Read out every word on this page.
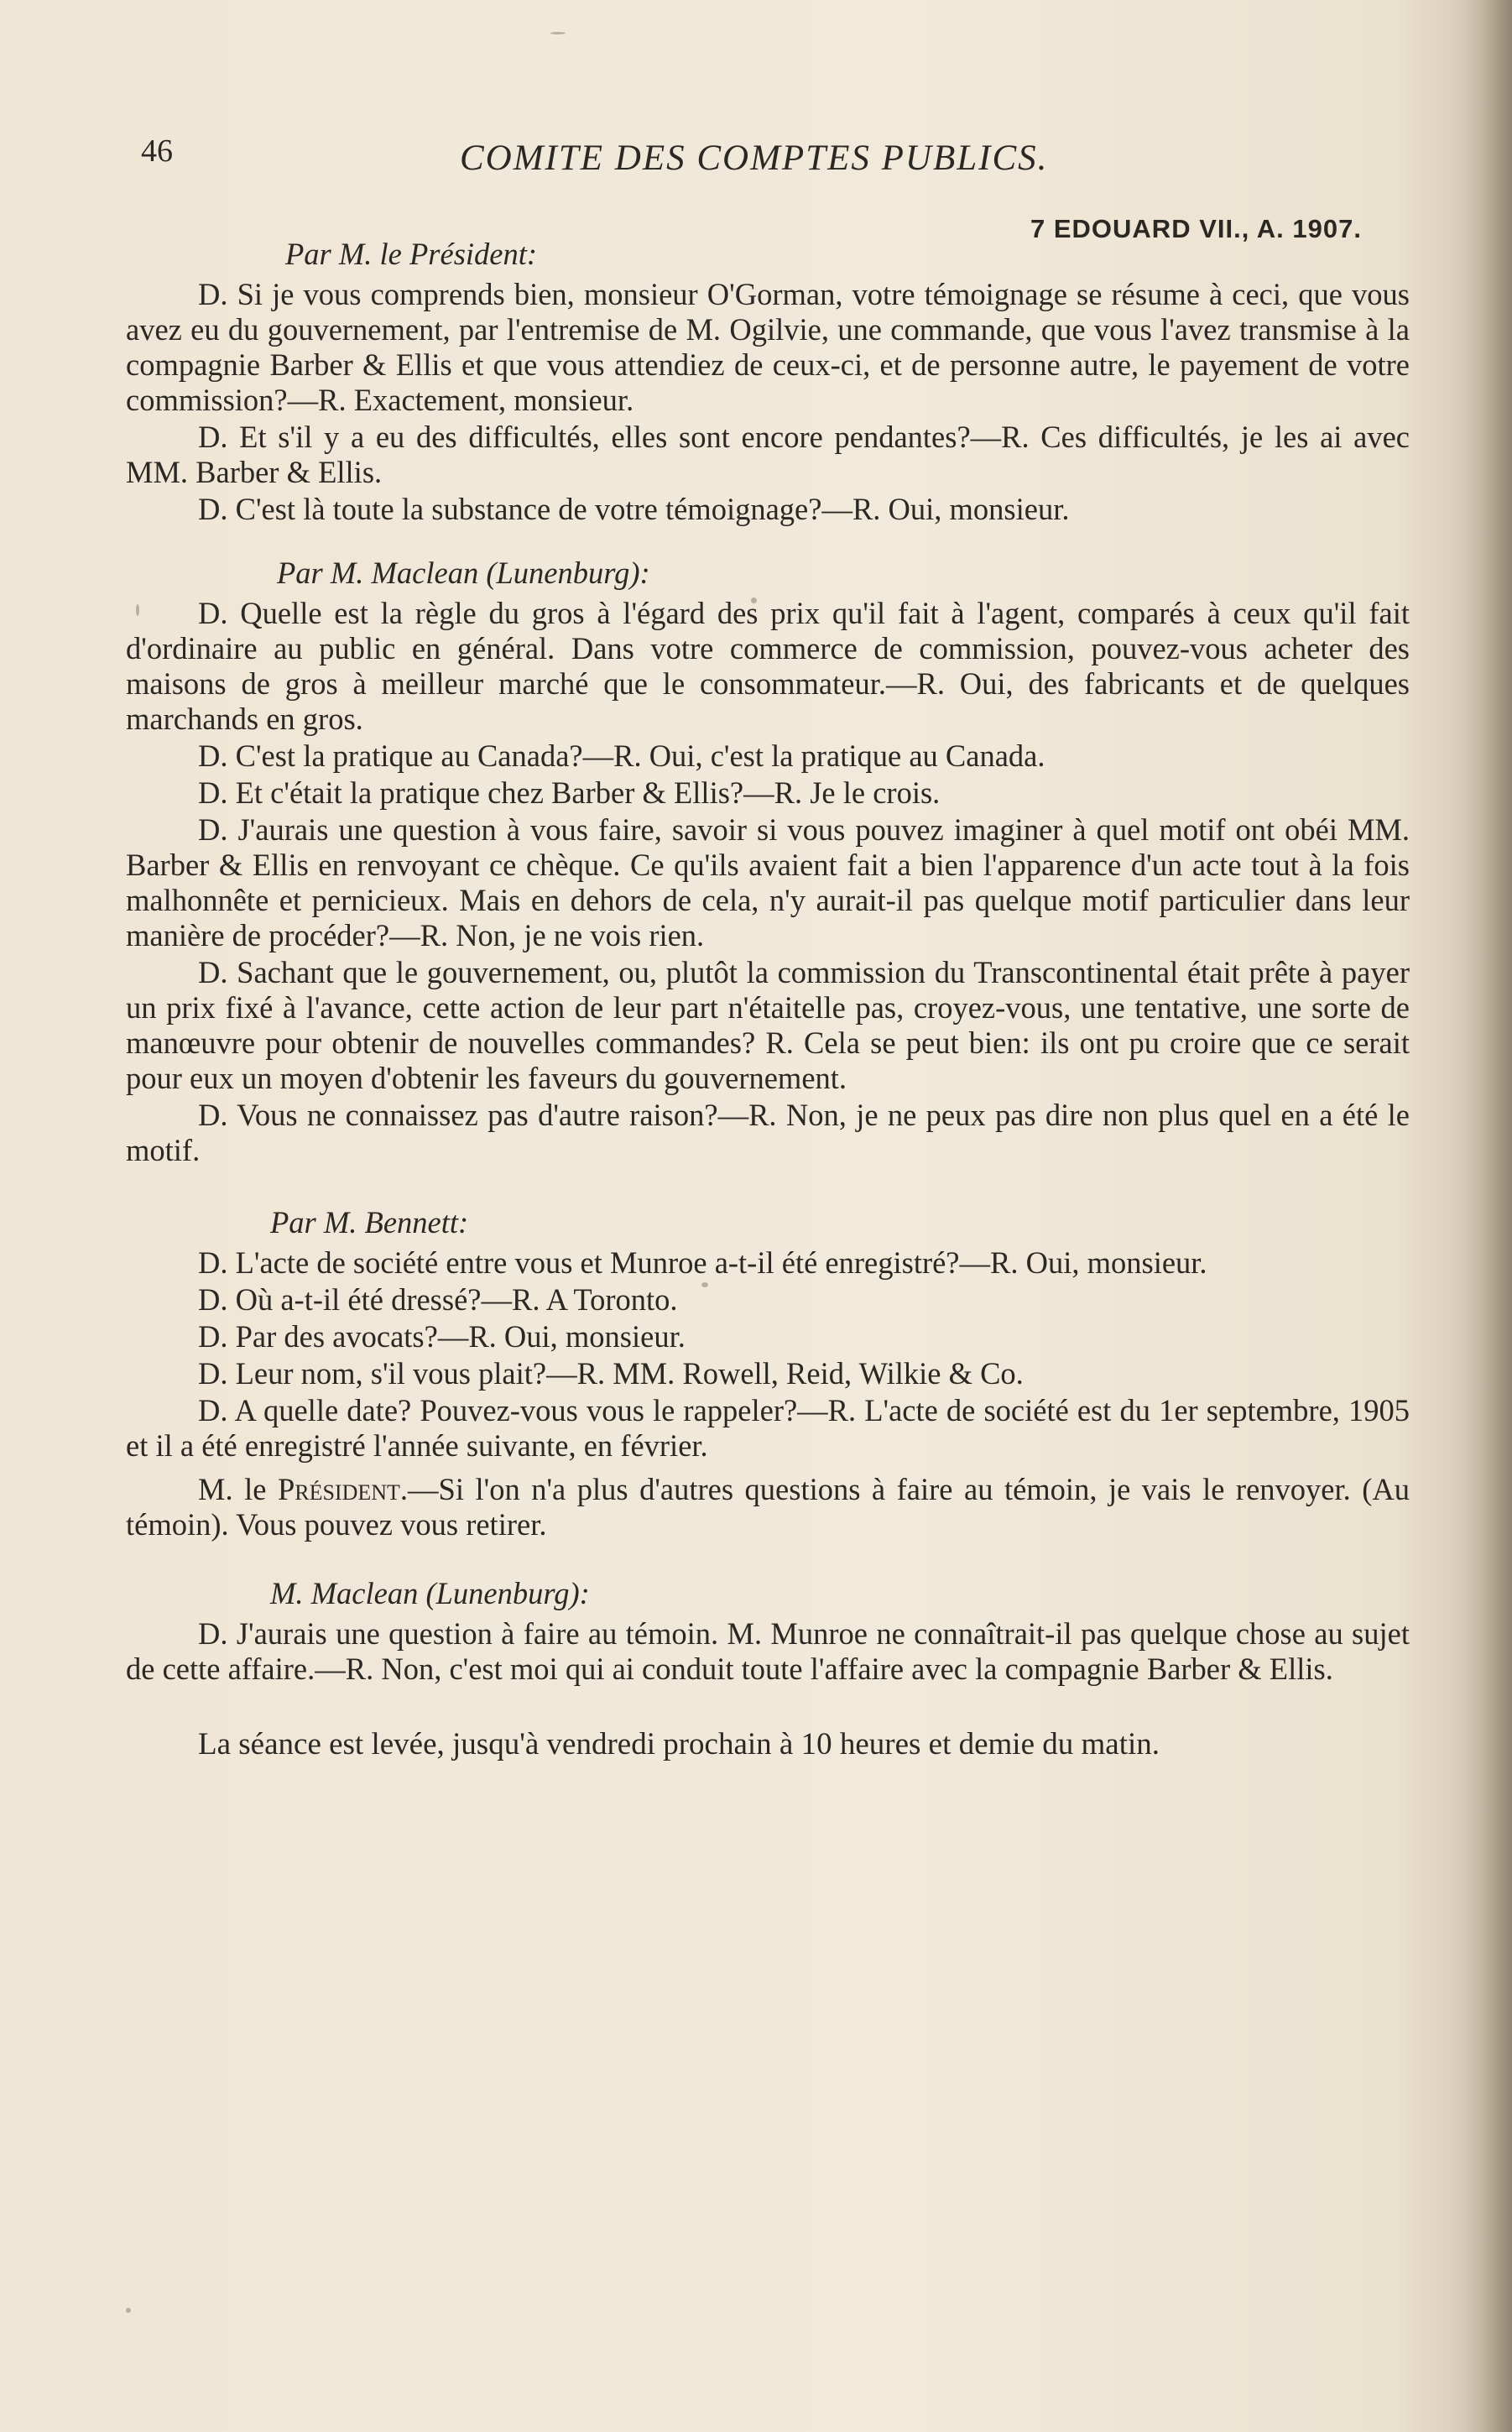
46	COMITE DES COMPTES PUBLICS.
7 EDOUARD VII., A. 1907.

Par M. le Président:

D. Si je vous comprends bien, monsieur O'Gorman, votre témoignage se résume à ceci, que vous avez eu du gouvernement, par l'entremise de M. Ogilvie, une commande, que vous l'avez transmise à la compagnie Barber & Ellis et que vous attendiez de ceux-ci, et de personne autre, le payement de votre commission?—R. Exactement, monsieur.

D. Et s'il y a eu des difficultés, elles sont encore pendantes?—R. Ces difficultés, je les ai avec MM. Barber & Ellis.

D. C'est là toute la substance de votre témoignage?—R. Oui, monsieur.

Par M. Maclean (Lunenburg):

D. Quelle est la règle du gros à l'égard des prix qu'il fait à l'agent, comparés à ceux qu'il fait d'ordinaire au public en général. Dans votre commerce de commission, pouvez-vous acheter des maisons de gros à meilleur marché que le consommateur.—R. Oui, des fabricants et de quelques marchands en gros.

D. C'est la pratique au Canada?—R. Oui, c'est la pratique au Canada.

D. Et c'était la pratique chez Barber & Ellis?—R. Je le crois.

D. J'aurais une question à vous faire, savoir si vous pouvez imaginer à quel motif ont obéi MM. Barber & Ellis en renvoyant ce chèque. Ce qu'ils avaient fait a bien l'apparence d'un acte tout à la fois malhonnête et pernicieux. Mais en dehors de cela, n'y aurait-il pas quelque motif particulier dans leur manière de procéder?—R. Non, je ne vois rien.

D. Sachant que le gouvernement, ou, plutôt la commission du Transcontinental était prête à payer un prix fixé à l'avance, cette action de leur part n'étaitelle pas, croyez-vous, une tentative, une sorte de manœuvre pour obtenir de nouvelles commandes? R. Cela se peut bien: ils ont pu croire que ce serait pour eux un moyen d'obtenir les faveurs du gouvernement.

D. Vous ne connaissez pas d'autre raison?—R. Non, je ne peux pas dire non plus quel en a été le motif.

Par M. Bennett:

D. L'acte de société entre vous et Munroe a-t-il été enregistré?—R. Oui, monsieur.

D. Où a-t-il été dressé?—R. A Toronto.

D. Par des avocats?—R. Oui, monsieur.

D. Leur nom, s'il vous plait?—R. MM. Rowell, Reid, Wilkie & Co.

D. A quelle date? Pouvez-vous vous le rappeler?—R. L'acte de société est du 1er septembre, 1905 et il a été enregistré l'année suivante, en février.

M. le Président.—Si l'on n'a plus d'autres questions à faire au témoin, je vais le renvoyer. (Au témoin). Vous pouvez vous retirer.

M. Maclean (Lunenburg):

D. J'aurais une question à faire au témoin. M. Munroe ne connaîtrait-il pas quelque chose au sujet de cette affaire.—R. Non, c'est moi qui ai conduit toute l'affaire avec la compagnie Barber & Ellis.

La séance est levée, jusqu'à vendredi prochain à 10 heures et demie du matin.
